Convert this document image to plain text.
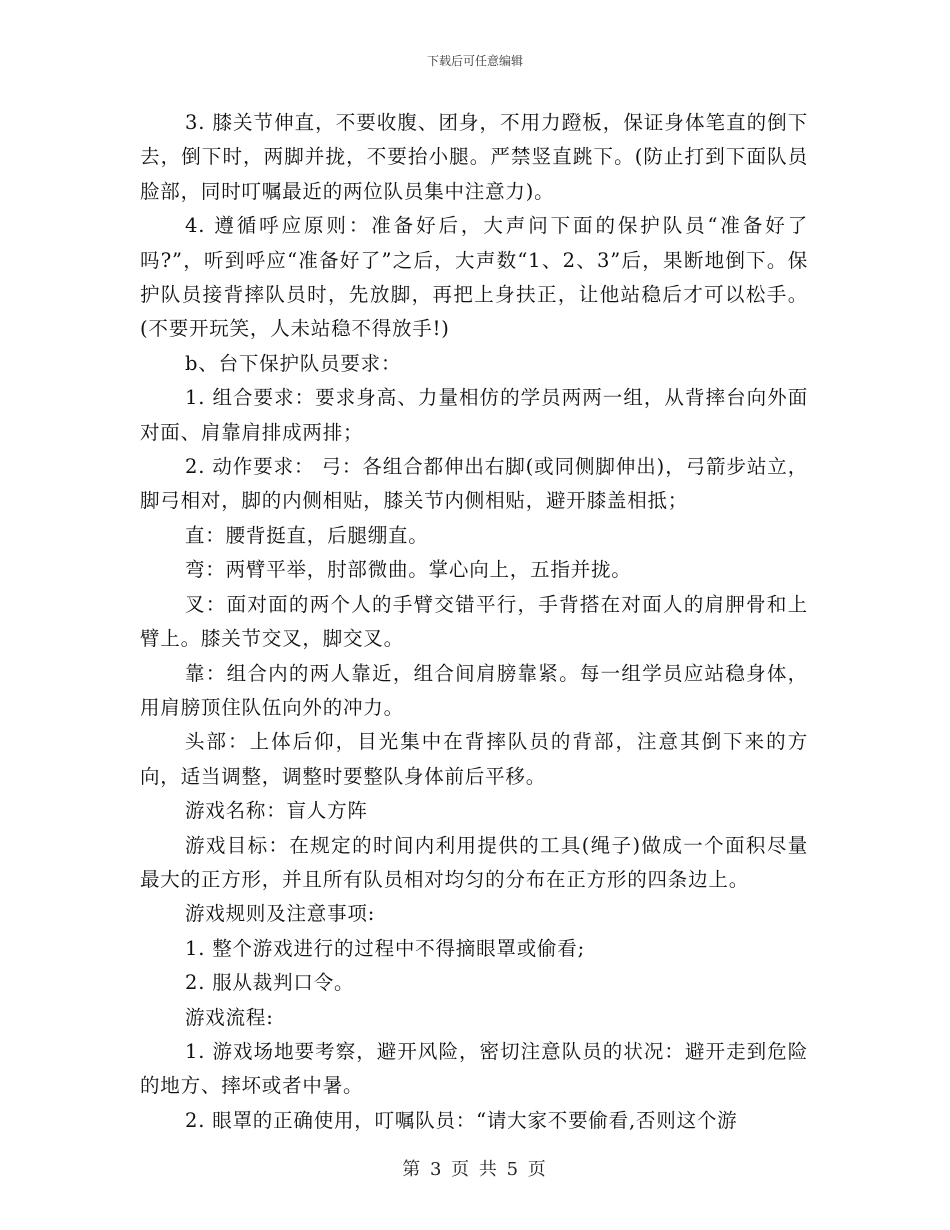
下载后可任意编辑

3. 膝关节伸直，不要收腹、团身，不用力蹬板，保证身体笔直的倒下去，倒下时，两脚并拢，不要抬小腿。严禁竖直跳下。(防止打到下面队员脸部，同时叮嘱最近的两位队员集中注意力)。

4. 遵循呼应原则：准备好后，大声问下面的保护队员“准备好了吗?”，听到呼应“准备好了”之后，大声数“1、2、3”后，果断地倒下。保护队员接背摔队员时，先放脚，再把上身扶正，让他站稳后才可以松手。(不要开玩笑，人未站稳不得放手!)

b、台下保护队员要求：

1. 组合要求：要求身高、力量相仿的学员两两一组，从背摔台向外面对面、肩靠肩排成两排；

2. 动作要求： 弓：各组合都伸出右脚(或同侧脚伸出)，弓箭步站立，脚弓相对，脚的内侧相贴，膝关节内侧相贴，避开膝盖相抵；

直：腰背挺直，后腿绷直。

弯：两臂平举，肘部微曲。掌心向上，五指并拢。

叉：面对面的两个人的手臂交错平行，手背搭在对面人的肩胛骨和上臂上。膝关节交叉，脚交叉。

靠：组合内的两人靠近，组合间肩膀靠紧。每一组学员应站稳身体，用肩膀顶住队伍向外的冲力。

头部：上体后仰，目光集中在背摔队员的背部，注意其倒下来的方向，适当调整，调整时要整队身体前后平移。

游戏名称：盲人方阵

游戏目标：在规定的时间内利用提供的工具(绳子)做成一个面积尽量最大的正方形，并且所有队员相对均匀的分布在正方形的四条边上。

游戏规则及注意事项:

1. 整个游戏进行的过程中不得摘眼罩或偷看;

2. 服从裁判口令。

游戏流程:

1. 游戏场地要考察，避开风险，密切注意队员的状况：避开走到危险的地方、摔坏或者中暑。

2. 眼罩的正确使用，叮嘱队员：“请大家不要偷看,否则这个游

第 3 页 共 5 页
